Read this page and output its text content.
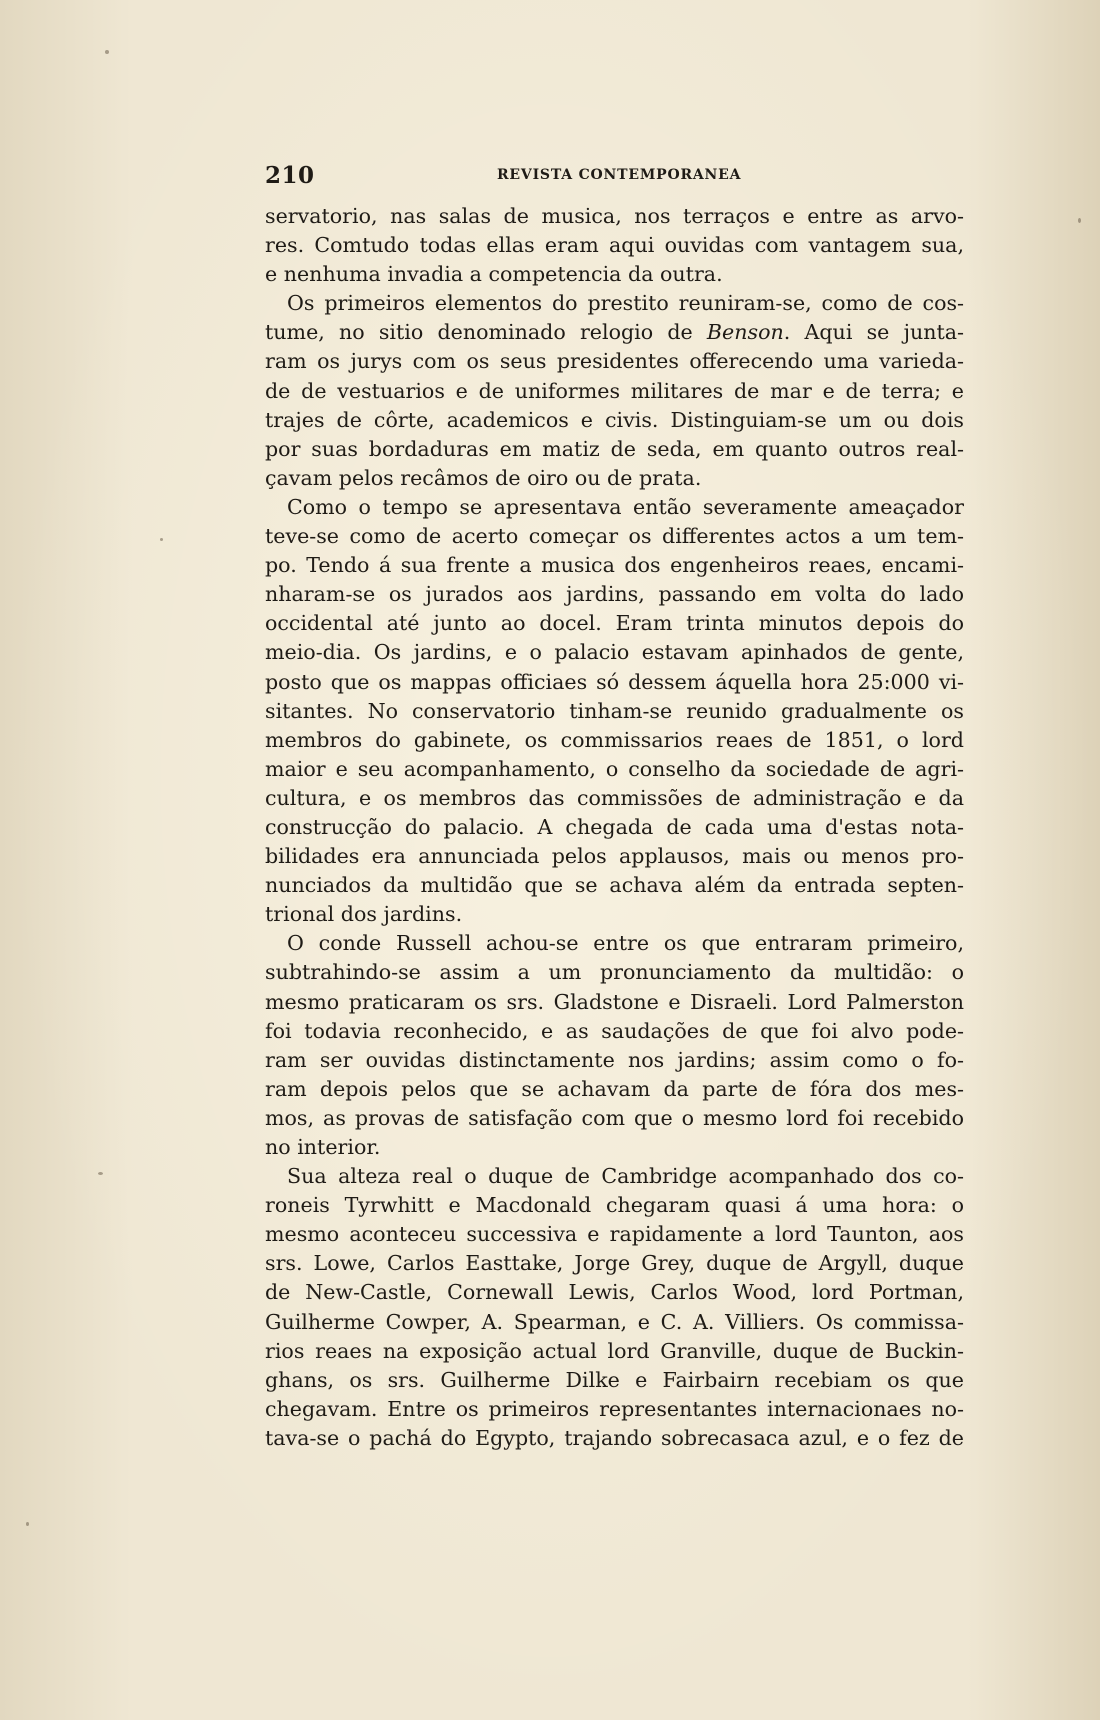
210	REVISTA CONTEMPORANEA
servatorio, nas salas de musica, nos terraços e entre as arvo-
res. Comtudo todas ellas eram aqui ouvidas com vantagem sua,
e nenhuma invadia a competencia da outra.
Os primeiros elementos do prestito reuniram-se, como de cos-
tume, no sitio denominado relogio de Benson. Aqui se junta-
ram os jurys com os seus presidentes offerecendo uma varieda-
de de vestuarios e de uniformes militares de mar e de terra; e
trajes de côrte, academicos e civis. Distinguiam-se um ou dois
por suas bordaduras em matiz de seda, em quanto outros real-
çavam pelos recâmos de oiro ou de prata.
Como o tempo se apresentava então severamente ameaçador
teve-se como de acerto começar os differentes actos a um tem-
po. Tendo á sua frente a musica dos engenheiros reaes, encami-
nharam-se os jurados aos jardins, passando em volta do lado
occidental até junto ao docel. Eram trinta minutos depois do
meio-dia. Os jardins, e o palacio estavam apinhados de gente,
posto que os mappas officiaes só dessem áquella hora 25:000 vi-
sitantes. No conservatorio tinham-se reunido gradualmente os
membros do gabinete, os commissarios reaes de 1851, o lord
maior e seu acompanhamento, o conselho da sociedade de agri-
cultura, e os membros das commissões de administração e da
construcção do palacio. A chegada de cada uma d'estas nota-
bilidades era annunciada pelos applausos, mais ou menos pro-
nunciados da multidão que se achava além da entrada septen-
trional dos jardins.
O conde Russell achou-se entre os que entraram primeiro,
subtrahindo-se assim a um pronunciamento da multidão: o
mesmo praticaram os srs. Gladstone e Disraeli. Lord Palmerston
foi todavia reconhecido, e as saudações de que foi alvo pode-
ram ser ouvidas distinctamente nos jardins; assim como o fo-
ram depois pelos que se achavam da parte de fóra dos mes-
mos, as provas de satisfação com que o mesmo lord foi recebido
no interior.
Sua alteza real o duque de Cambridge acompanhado dos co-
roneis Tyrwhitt e Macdonald chegaram quasi á uma hora: o
mesmo aconteceu successiva e rapidamente a lord Taunton, aos
srs. Lowe, Carlos Easttake, Jorge Grey, duque de Argyll, duque
de New-Castle, Cornewall Lewis, Carlos Wood, lord Portman,
Guilherme Cowper, A. Spearman, e C. A. Villiers. Os commissa-
rios reaes na exposição actual lord Granville, duque de Buckin-
ghans, os srs. Guilherme Dilke e Fairbairn recebiam os que
chegavam. Entre os primeiros representantes internacionaes no-
tava-se o pachá do Egypto, trajando sobrecasaca azul, e o fez de
